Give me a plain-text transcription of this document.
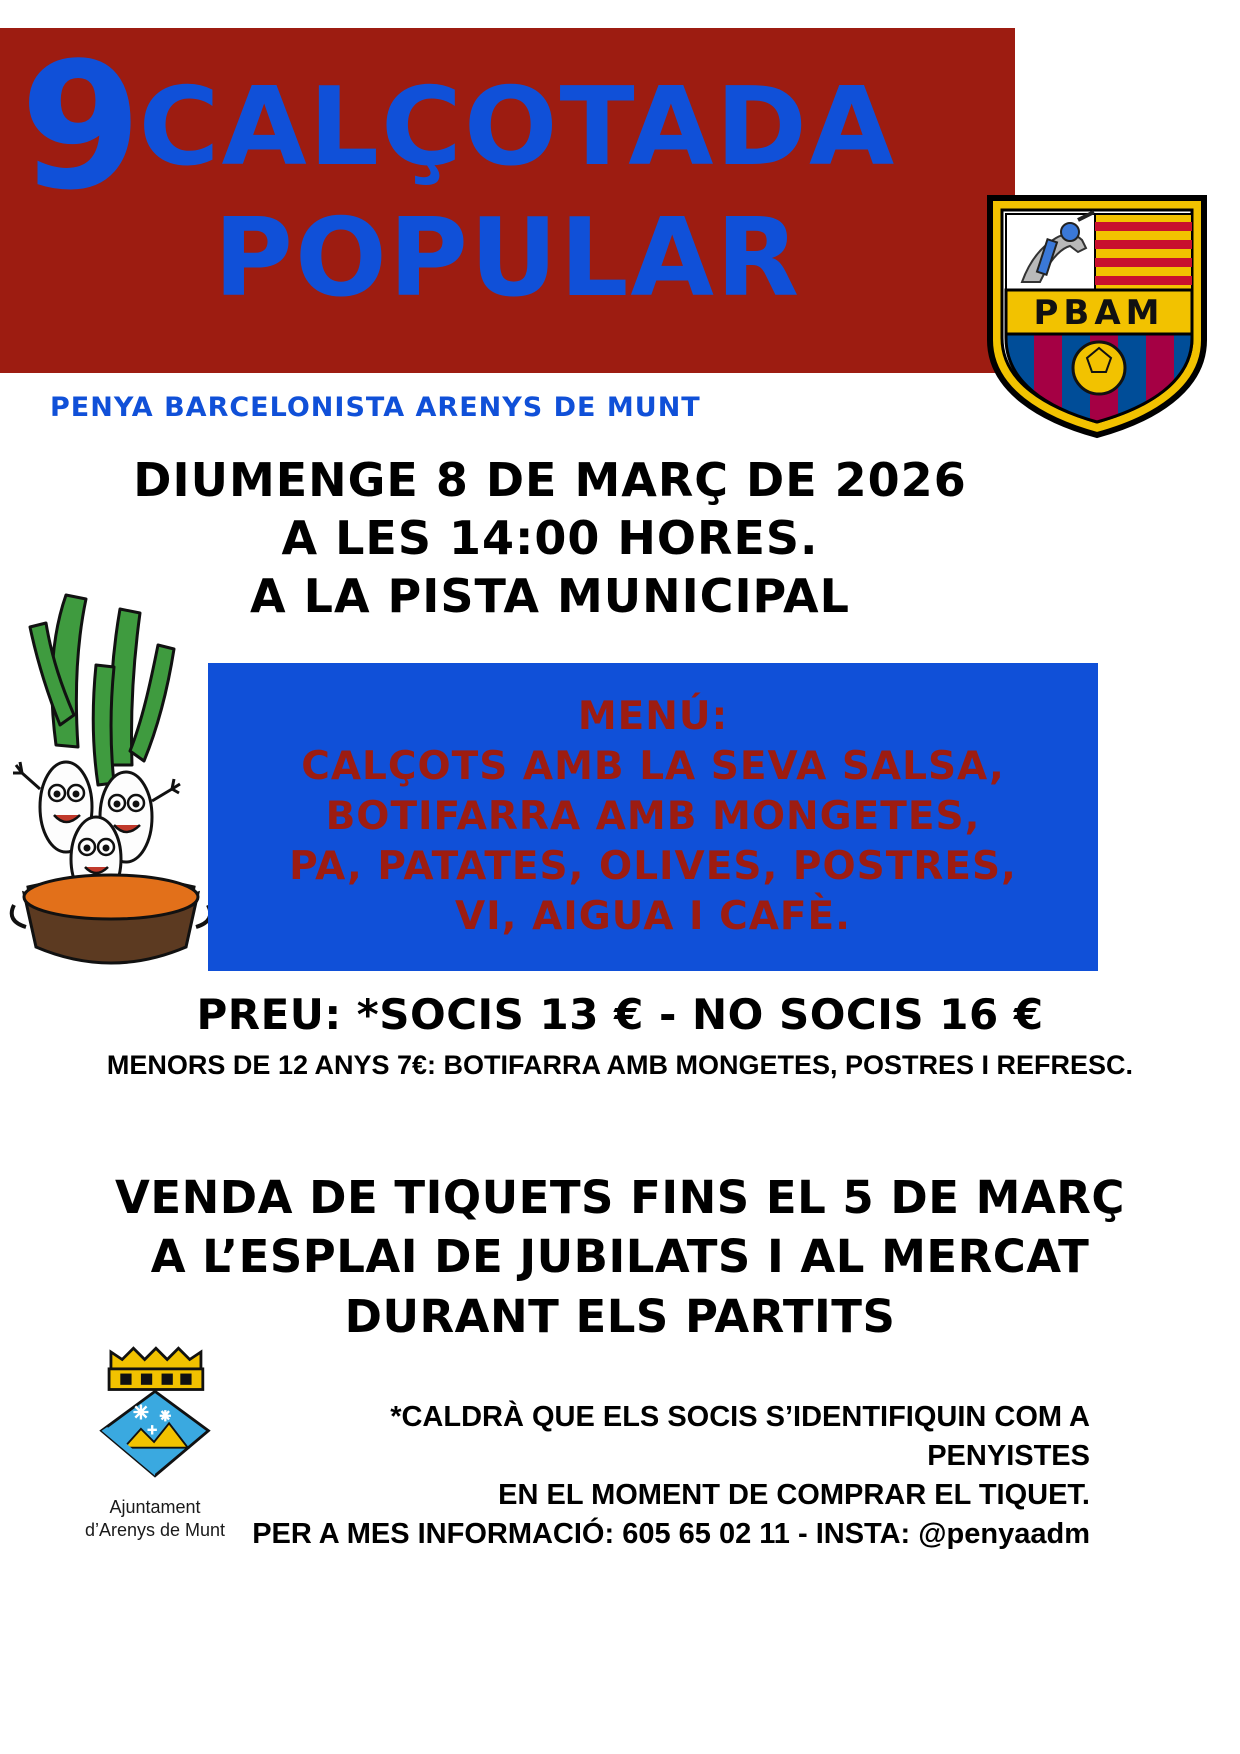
9 CALÇOTADA
POPULAR	PBAM
PENYA BARCELONISTA ARENYS DE MUNT
DIUMENGE 8 DE MARÇ DE 2026
A LES 14:00 HORES.
A LA PISTA MUNICIPAL
MENÚ:
CALÇOTS AMB LA SEVA SALSA,
BOTIFARRA AMB MONGETES,
PA, PATATES, OLIVES, POSTRES,
VI, AIGUA I CAFÈ.
PREU: *SOCIS 13 € - NO SOCIS 16 €
MENORS DE 12 ANYS 7€: BOTIFARRA AMB MONGETES, POSTRES I REFRESC.
VENDA DE TIQUETS FINS EL 5 DE MARÇ
A L’ESPLAI DE JUBILATS I AL MERCAT
DURANT ELS PARTITS
Ajuntament
d’Arenys de Munt
*CALDRÀ QUE ELS SOCIS S’IDENTIFIQUIN COM A PENYISTES
EN EL MOMENT DE COMPRAR EL TIQUET.
PER A MES INFORMACIÓ: 605 65 02 11 - INSTA: @penyaadm
